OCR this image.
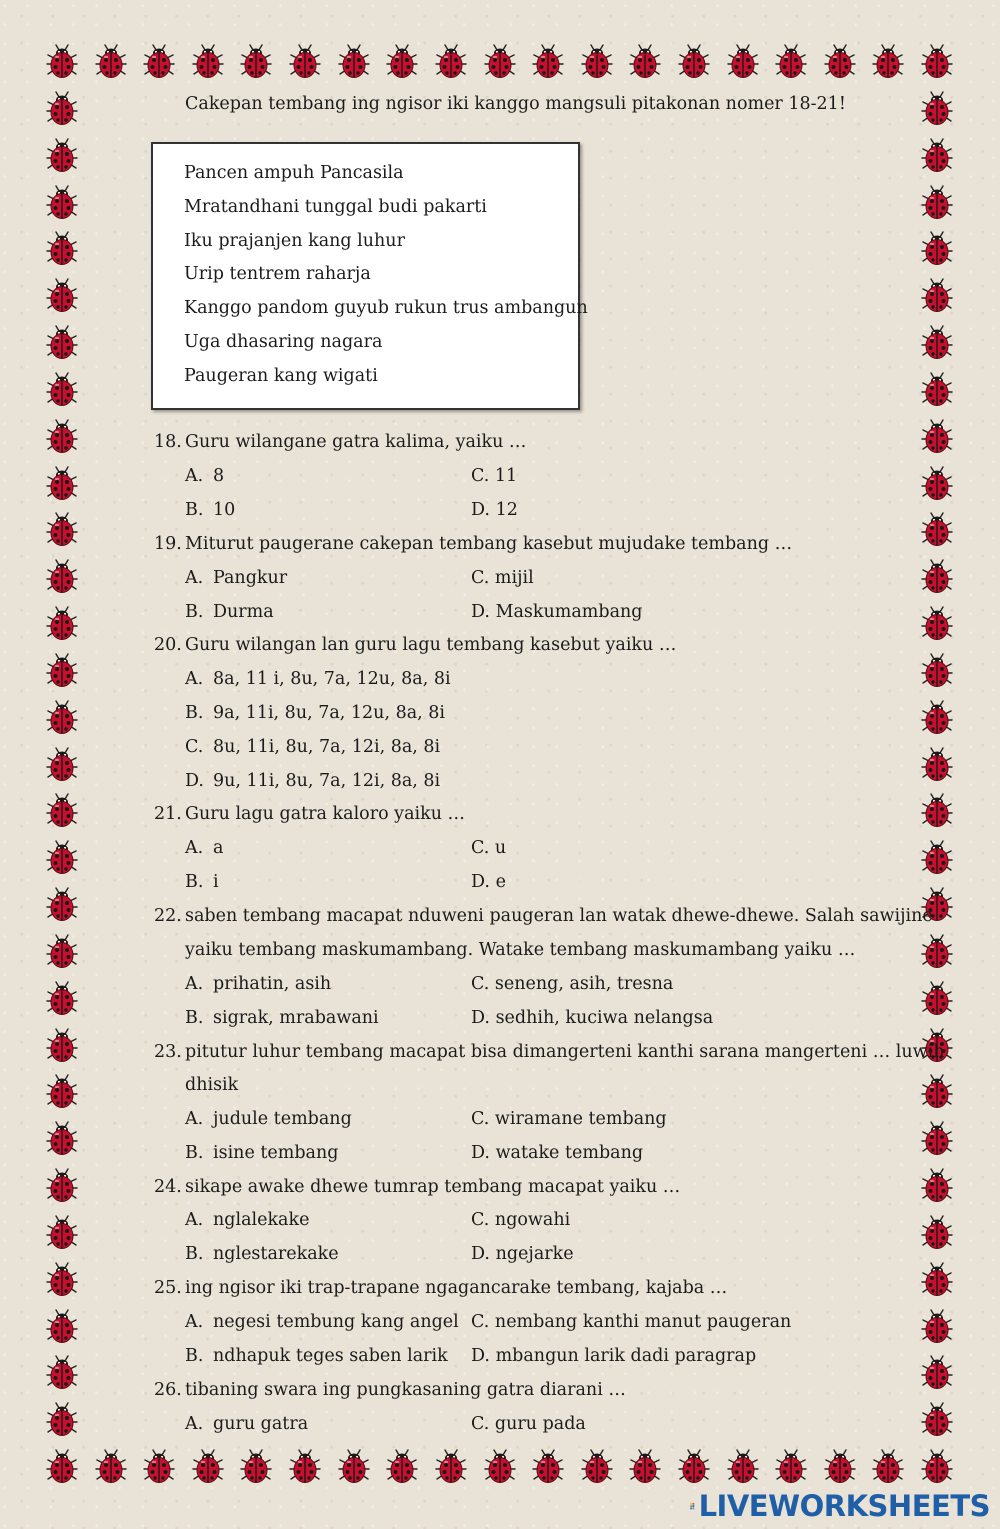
Cakepan tembang ing ngisor iki kanggo mangsuli pitakonan nomer 18-21!
Pancen ampuh Pancasila
Mratandhani tunggal budi pakarti
Iku prajanjen kang luhur
Urip tentrem raharja
Kanggo pandom guyub rukun trus ambangun
Uga dhasaring nagara
Paugeran kang wigati
18. Guru wilangane gatra kalima, yaiku …
A. 8	C. 11
B. 10	D. 12
19. Miturut paugerane cakepan tembang kasebut mujudake tembang …
A. Pangkur	C. mijil
B. Durma	D. Maskumambang
20. Guru wilangan lan guru lagu tembang kasebut yaiku …
A. 8a, 11 i, 8u, 7a, 12u, 8a, 8i
B. 9a, 11i, 8u, 7a, 12u, 8a, 8i
C. 8u, 11i, 8u, 7a, 12i, 8a, 8i
D. 9u, 11i, 8u, 7a, 12i, 8a, 8i
21. Guru lagu gatra kaloro yaiku …
A. a	C. u
B. i	D. e
22. saben tembang macapat nduweni paugeran lan watak dhewe-dhewe. Salah sawijine
yaiku tembang maskumambang. Watake tembang maskumambang yaiku …
A. prihatin, asih	C. seneng, asih, tresna
B. sigrak, mrabawani	D. sedhih, kuciwa nelangsa
23. pitutur luhur tembang macapat bisa dimangerteni kanthi sarana mangerteni … luwih
dhisik
A. judule tembang	C. wiramane tembang
B. isine tembang	D. watake tembang
24. sikape awake dhewe tumrap tembang macapat yaiku …
A. nglalekake	C. ngowahi
B. nglestarekake	D. ngejarke
25. ing ngisor iki trap-trapane ngagancarake tembang, kajaba …
A. negesi tembung kang angel C. nembang kanthi manut paugeran
B. ndhapuk teges saben larik D. mbangun larik dadi paragrap
26. tibaning swara ing pungkasaning gatra diarani …
A. guru gatra	C. guru pada
LIVEWORKSHEETS
